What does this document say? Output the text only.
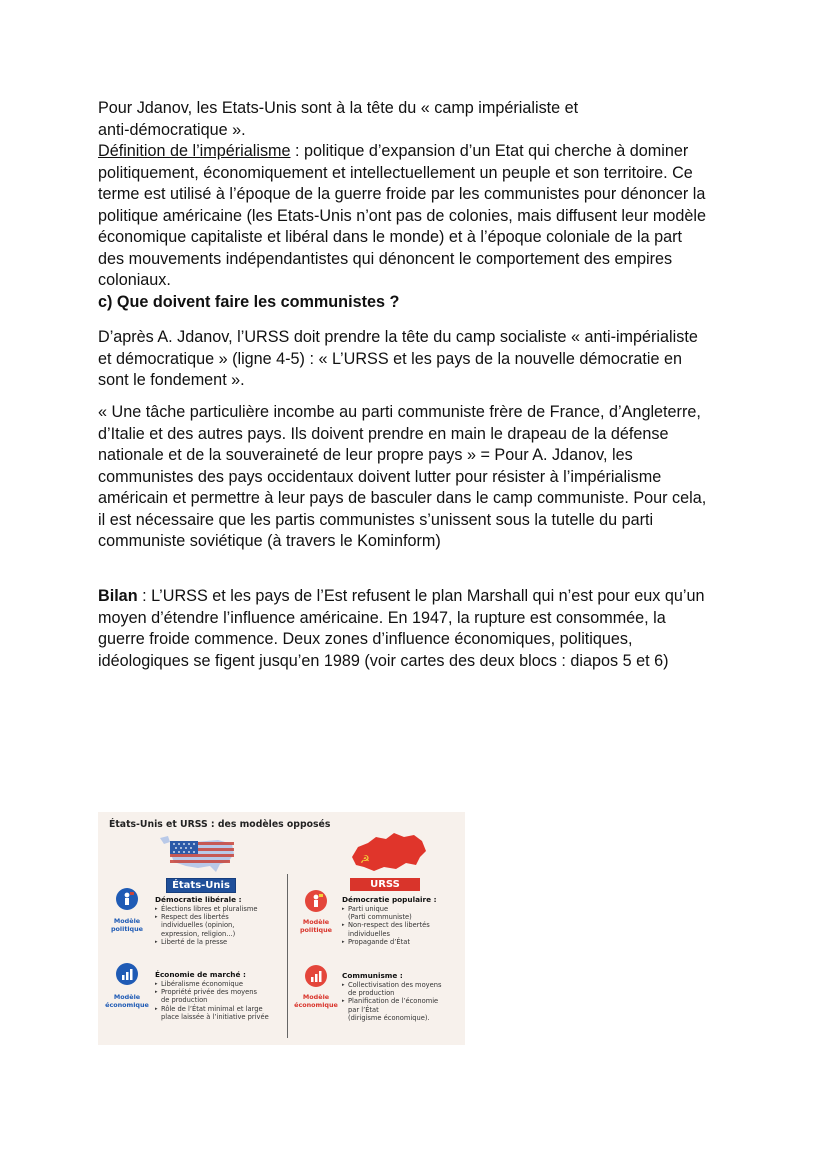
Pour Jdanov, les Etats-Unis sont à la tête du « camp impérialiste et

anti-démocratique ».

Définition de l’impérialisme : politique d’expansion d’un Etat qui cherche à dominer

politiquement, économiquement et intellectuellement un peuple et son territoire. Ce

terme est utilisé à l’époque de la guerre froide par les communistes pour dénoncer la

politique américaine (les Etats-Unis n’ont pas de colonies, mais diffusent leur modèle

économique capitaliste et libéral dans le monde) et à l’époque coloniale de la part

des mouvements indépendantistes qui dénoncent le comportement des empires

coloniaux.

c) Que doivent faire les communistes ?

D’après A. Jdanov, l’URSS doit prendre la tête du camp socialiste « anti-impérialiste

et démocratique » (ligne 4-5) : « L’URSS et les pays de la nouvelle démocratie en

sont le fondement ».

« Une tâche particulière incombe au parti communiste frère de France, d’Angleterre,

d’Italie et des autres pays. Ils doivent prendre en main le drapeau de la défense

nationale et de la souveraineté de leur propre pays » = Pour A. Jdanov, les

communistes des pays occidentaux doivent lutter pour résister à l’impérialisme

américain et permettre à leur pays de basculer dans le camp communiste. Pour cela,

il est nécessaire que les partis communistes s’unissent sous la tutelle du parti

communiste soviétique (à travers le Kominform)

Bilan : L’URSS et les pays de l’Est refusent le plan Marshall qui n’est pour eux qu’un

moyen d’étendre l’influence américaine. En 1947, la rupture est consommée, la

guerre froide commence. Deux zones d’influence économiques, politiques,

idéologiques se figent jusqu’en 1989 (voir cartes des deux blocs : diapos 5 et 6)

États-Unis et URSS : des modèles opposés
☭
États-Unis	URSS
Modèle
politique
Démocratie libérale :
▸ Élections libres et pluralisme
▸ Respect des libertés
individuelles (opinion,
expression, religion...)
▸ Liberté de la presse
Modèle
économique
Économie de marché :
▸ Libéralisme économique
▸ Propriété privée des moyens
de production
▸ Rôle de l’État minimal et large
place laissée à l’initiative privée
Modèle
politique
Démocratie populaire :
▸ Parti unique
(Parti communiste)
▸ Non-respect des libertés
individuelles
▸ Propagande d’État
Modèle
économique
Communisme :
▸ Collectivisation des moyens
de production
▸ Planification de l’économie
par l’État
(dirigisme économique).
